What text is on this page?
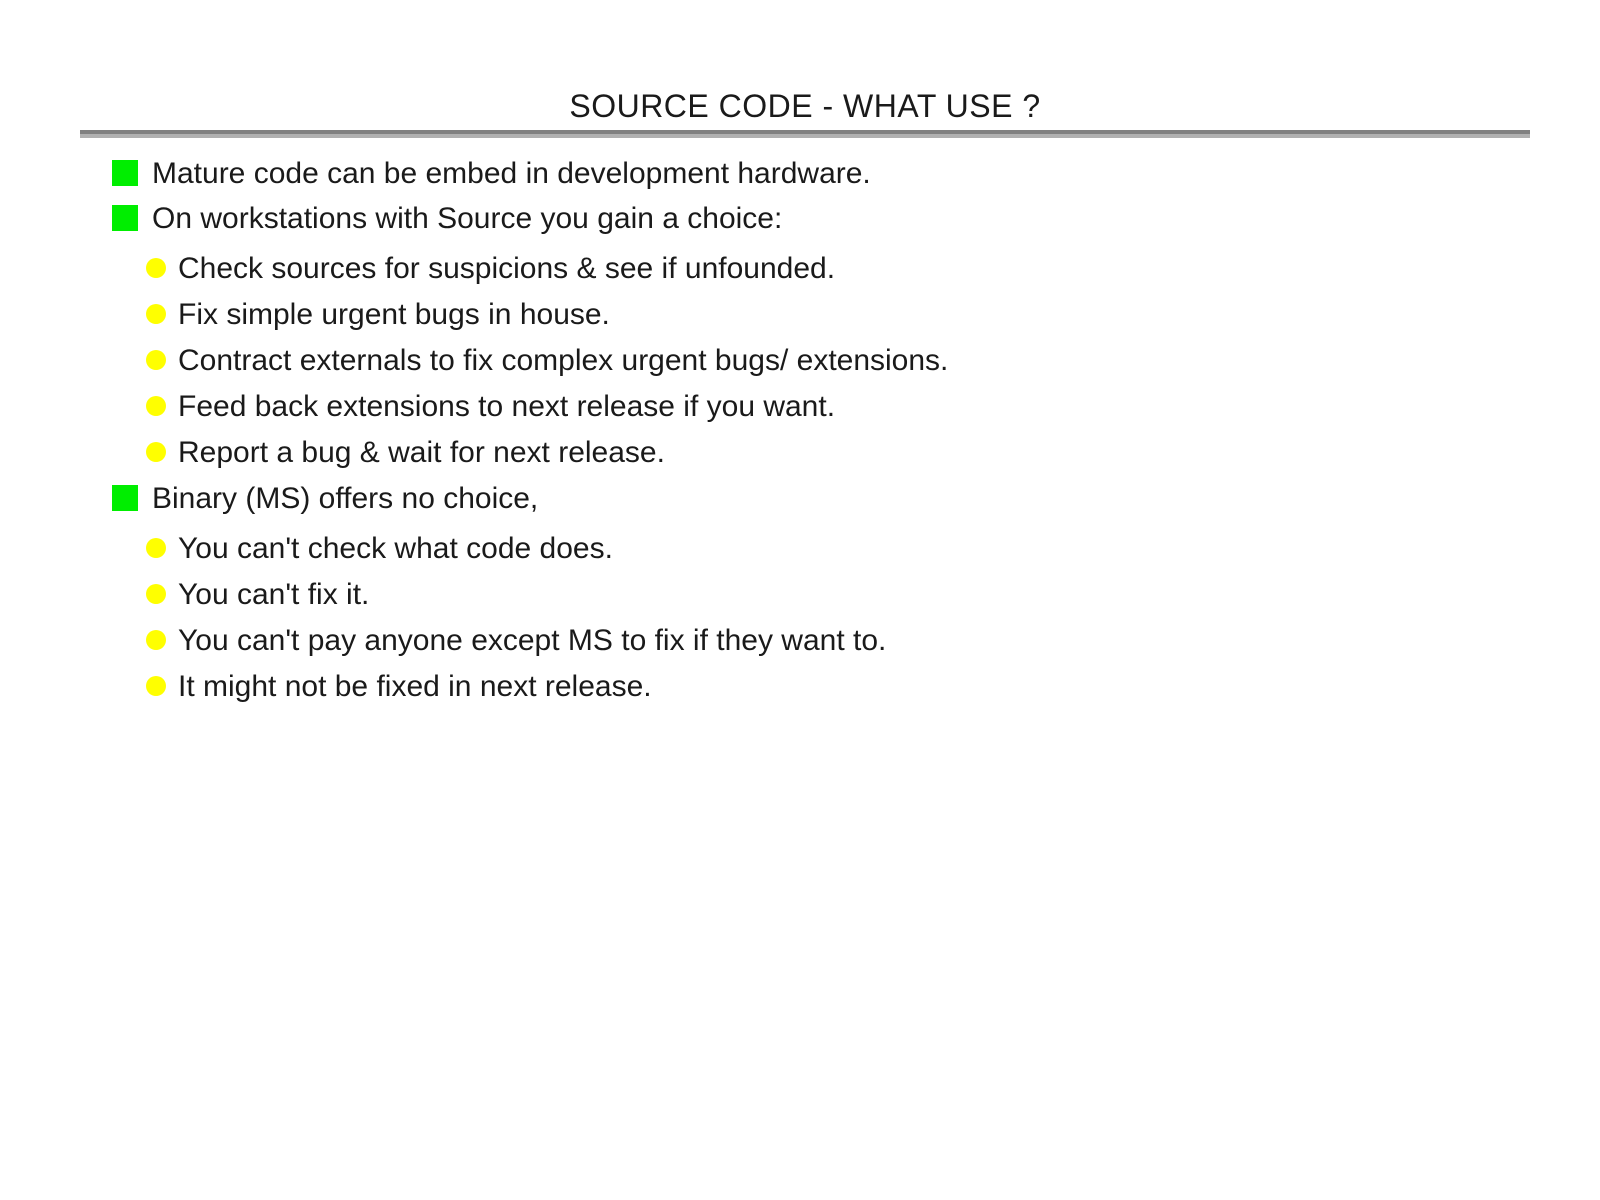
SOURCE CODE - WHAT USE ?
Mature code can be embed in development hardware.
On workstations with Source you gain a choice:
Check sources for suspicions & see if unfounded.
Fix simple urgent bugs in house.
Contract externals to fix complex urgent bugs/ extensions.
Feed back extensions to next release if you want.
Report a bug & wait for next release.
Binary (MS) offers no choice,
You can't check what code does.
You can't fix it.
You can't pay anyone except MS to fix if they want to.
It might not be fixed in next release.
